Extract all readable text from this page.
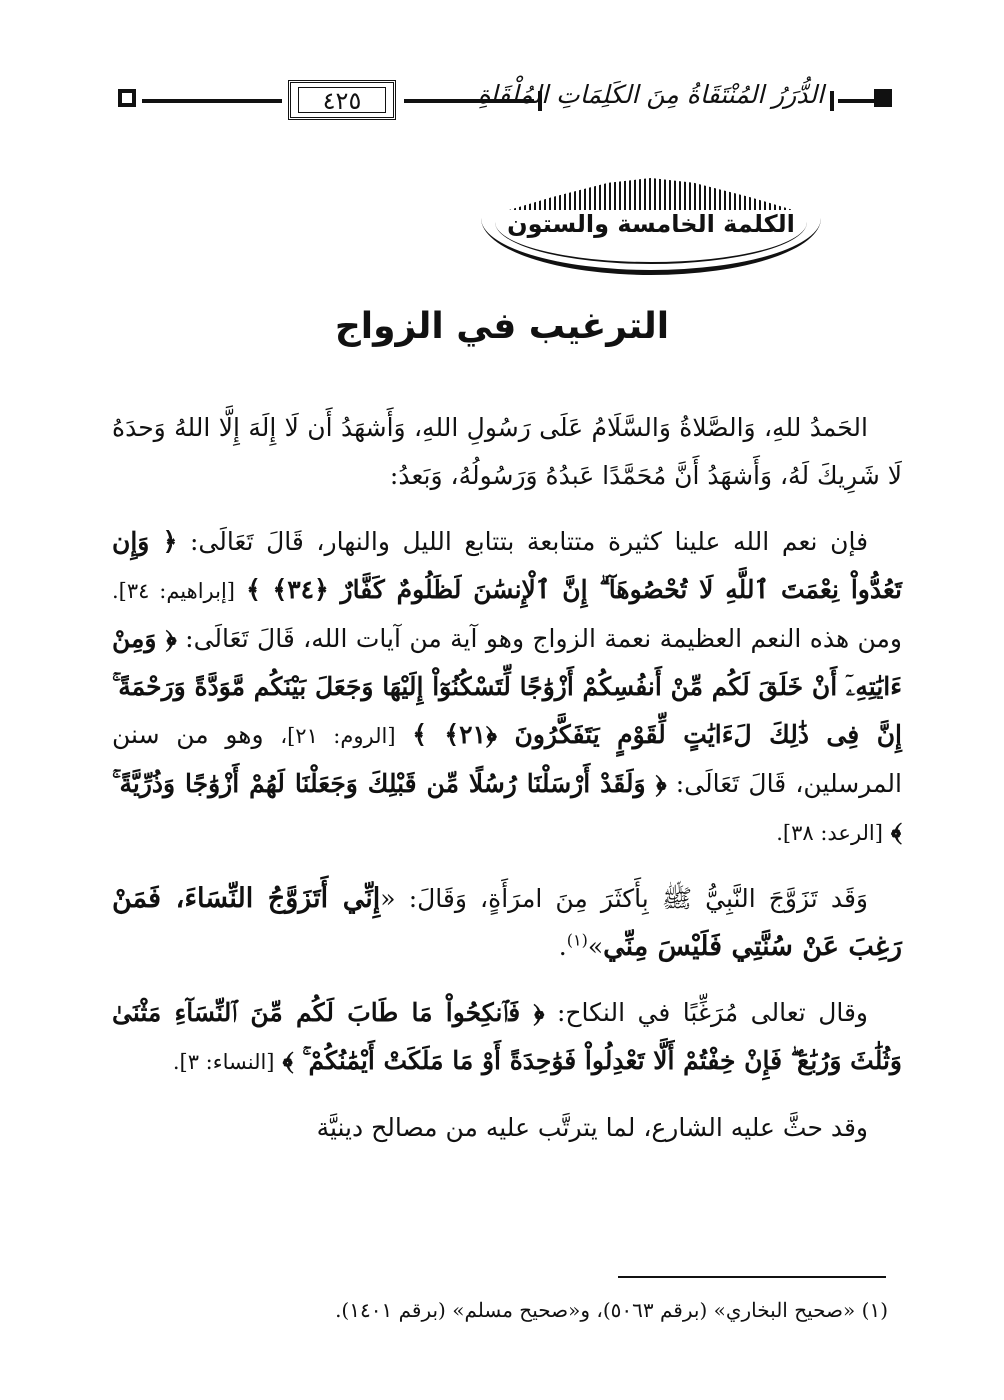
٤٢٥	الدُّرَرُ المُنْتَقَاةُ مِنَ الكَلِمَاتِ المُلْقَاةِ
الكلمة الخامسة والستون
الترغيب في الزواج

الحَمدُ للهِ، وَالصَّلاةُ وَالسَّلَامُ عَلَى رَسُولِ اللهِ، وَأَشهَدُ أَن لَا إِلَهَ إِلَّا اللهُ وَحدَهُ لَا شَرِيكَ لَهُ، وَأَشهَدُ أَنَّ مُحَمَّدًا عَبدُهُ وَرَسُولُهُ، وَبَعدُ:

فإن نعم الله علينا كثيرة متتابعة بتتابع الليل والنهار، قَالَ تَعَالَى: ﴿ وَإِن تَعُدُّواْ نِعْمَتَ ٱللَّهِ لَا تُحْصُوهَآ ۗ إِنَّ ٱلْإِنسَٰنَ لَظَلُومٌ كَفَّارٌ ﴿٣٤﴾ ﴾ [إبراهيم: ٣٤]. ومن هذه النعم العظيمة نعمة الزواج وهو آية من آيات الله، قَالَ تَعَالَى: ﴿ وَمِنْ ءَايَٰتِهِۦٓ أَنْ خَلَقَ لَكُم مِّنْ أَنفُسِكُمْ أَزْوَٰجًا لِّتَسْكُنُوٓاْ إِلَيْهَا وَجَعَلَ بَيْنَكُم مَّوَدَّةً وَرَحْمَةً ۚ إِنَّ فِى ذَٰلِكَ لَءَايَٰتٍ لِّقَوْمٍ يَتَفَكَّرُونَ ﴿٢١﴾ ﴾ [الروم: ٢١]، وهو من سنن المرسلين، قَالَ تَعَالَى: ﴿ وَلَقَدْ أَرْسَلْنَا رُسُلًا مِّن قَبْلِكَ وَجَعَلْنَا لَهُمْ أَزْوَٰجًا وَذُرِّيَّةً ۚ ﴾ [الرعد: ٣٨].

وَقَد تَزَوَّجَ النَّبِيُّ ﷺ بِأَكثَرَ مِنَ امرَأَةٍ، وَقَالَ: «إِنِّي أَتَزَوَّجُ النِّسَاءَ، فَمَنْ رَغِبَ عَنْ سُنَّتِي فَلَيْسَ مِنِّي»$^{(١)}$.

وقال تعالى مُرَغِّبًا في النكاح: ﴿ فَٱنكِحُواْ مَا طَابَ لَكُم مِّنَ ٱلنِّسَآءِ مَثْنَىٰ وَثُلَٰثَ وَرُبَٰعَ ۖ فَإِنْ خِفْتُمْ أَلَّا تَعْدِلُواْ فَوَٰحِدَةً أَوْ مَا مَلَكَتْ أَيْمَٰنُكُمْ ۚ ﴾ [النساء: ٣].

وقد حثَّ عليه الشارع، لما يترتَّب عليه من مصالح دينيَّة

(١) «صحيح البخاري» (برقم ٥٠٦٣)، و«صحيح مسلم» (برقم ١٤٠١).
